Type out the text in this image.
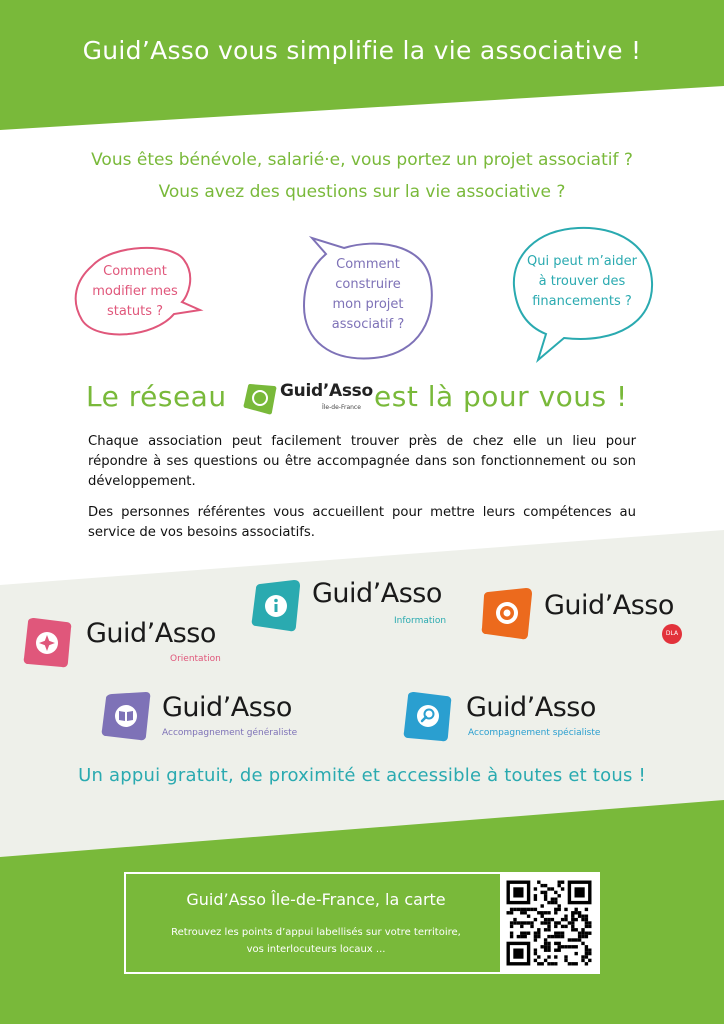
Guid’Asso vous simplifie la vie associative !
Vous êtes bénévole, salarié·e, vous portez un projet associatif ?
Vous avez des questions sur la vie associative ?
Comment
modifier mes
statuts ?
Comment
construire
mon projet
associatif ?
Qui peut m’aider
à trouver des
financements ?
Le réseau	Guid’Asso
Île-de-France est là pour vous !
Chaque association peut facilement trouver près de chez elle un lieu pour répondre à ses questions ou être accompagnée dans son fonctionnement ou son développement.
Des personnes référentes vous accueillent pour mettre leurs compétences au service de vos besoins associatifs.
Guid’Asso
Information	Guid’Asso
DLA
Guid’Asso
Orientation
Guid’Asso
Accompagnement généraliste
Guid’Asso
Accompagnement spécialiste
Un appui gratuit, de proximité et accessible à toutes et tous !
Guid’Asso Île-de-France, la carte
Retrouvez les points d’appui labellisés sur votre territoire,
vos interlocuteurs locaux ...
